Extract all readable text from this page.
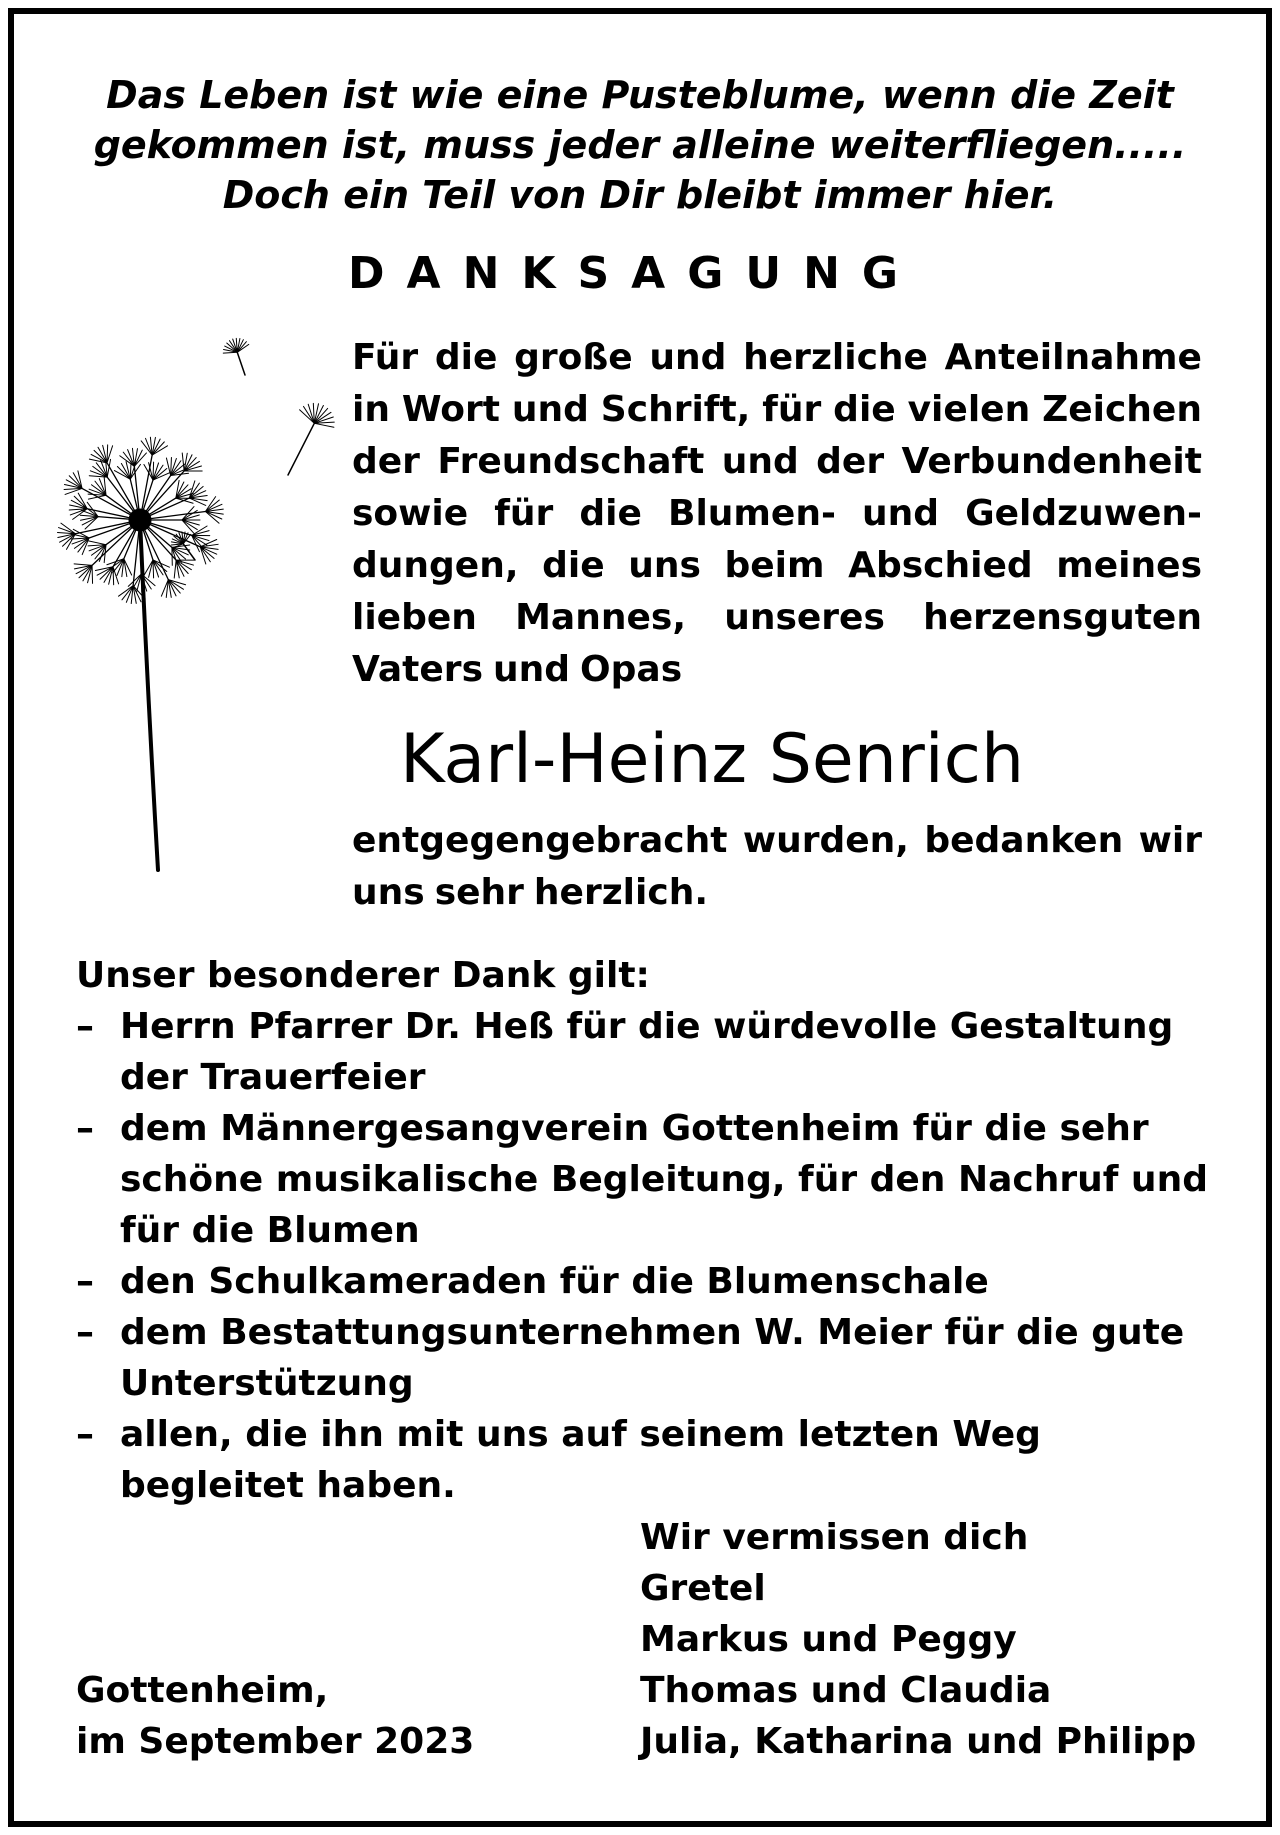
Das Leben ist wie eine Pusteblume, wenn die Zeit
gekommen ist, muss jeder alleine weiterfliegen.....
Doch ein Teil von Dir bleibt immer hier.
DANKSAGUNG
Für die große und herzliche Anteilnahme
in Wort und Schrift, für die vielen Zeichen
der Freundschaft und der Verbundenheit
sowie für die Blumen- und Geldzuwen-
dungen, die uns beim Abschied meines
lieben Mannes, unseres herzensguten
Vaters und Opas
Karl-Heinz Senrich
entgegengebracht wurden, bedanken wir
uns sehr herzlich.
Unser besonderer Dank gilt:
– Herrn Pfarrer Dr. Heß für die würdevolle Gestaltung
der Trauerfeier
– dem Männergesangverein Gottenheim für die sehr
schöne musikalische Begleitung, für den Nachruf und
für die Blumen
– den Schulkameraden für die Blumenschale
– dem Bestattungsunternehmen W. Meier für die gute
Unterstützung
– allen, die ihn mit uns auf seinem letzten Weg
begleitet haben.
Wir vermissen dich
Gretel
Markus und Peggy
Thomas und Claudia
Julia, Katharina und Philipp
Gottenheim,
im September 2023
